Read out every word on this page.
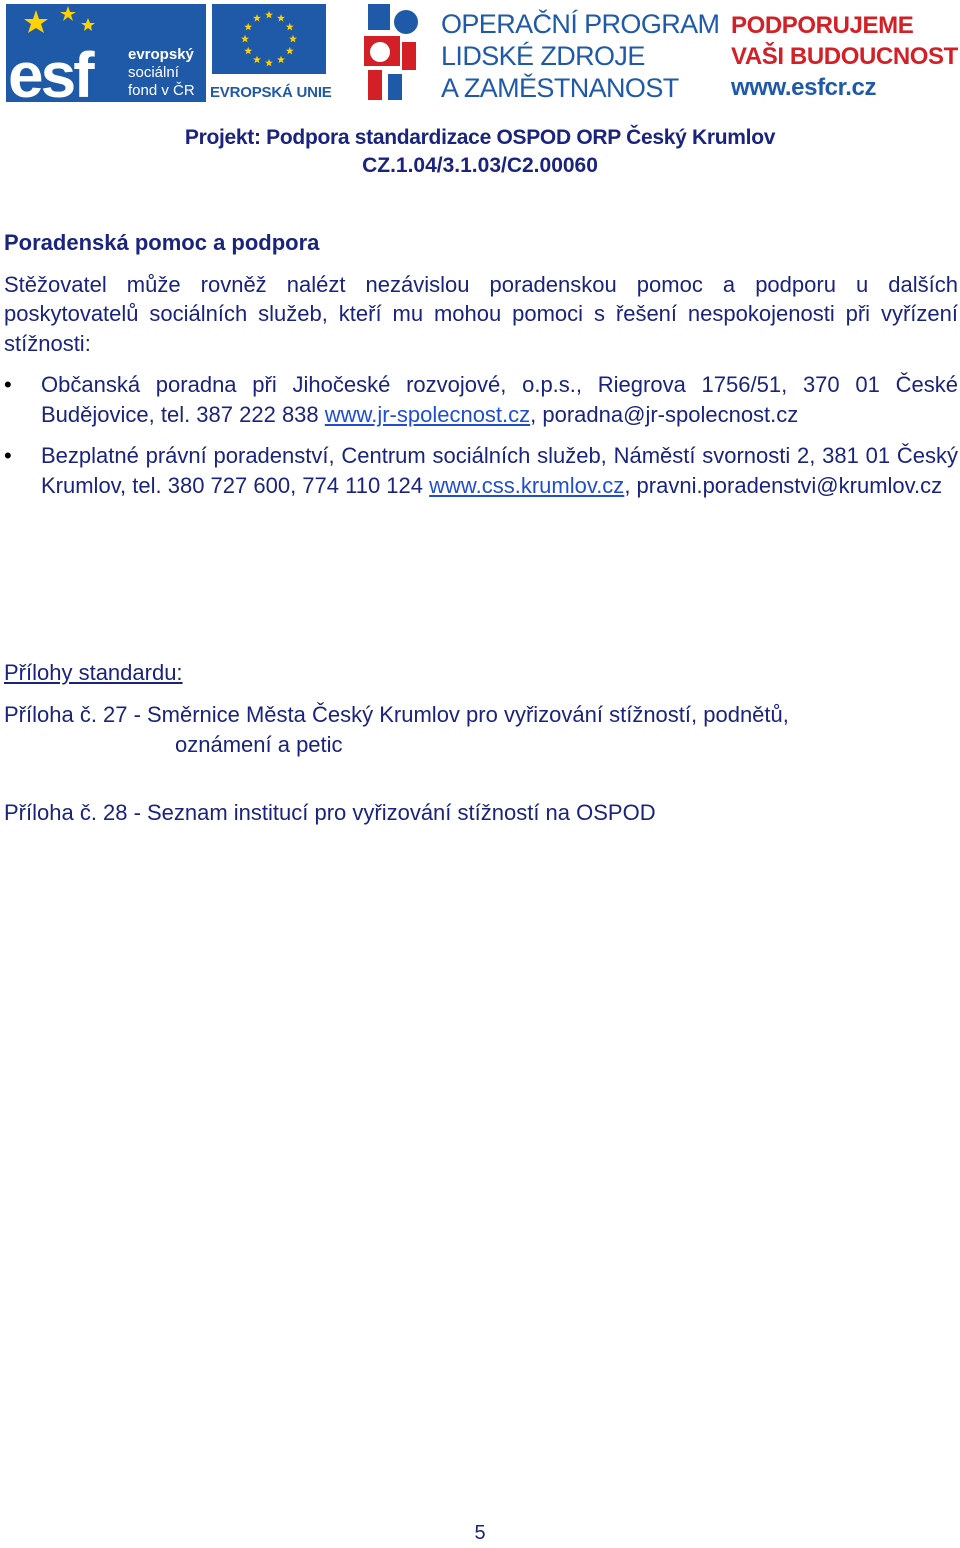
esf evropský
sociální
fond v ČR EVROPSKÁ UNIE
OPERAČNÍ PROGRAM
LIDSKÉ ZDROJE
A ZAMĚSTNANOST
PODPORUJEME
VAŠI BUDOUCNOST
www.esfcr.cz
Projekt: Podpora standardizace OSPOD ORP Český Krumlov
CZ.1.04/3.1.03/C2.00060
Poradenská pomoc a podpora
Stěžovatel může rovněž nalézt nezávislou poradenskou pomoc a podporu u dalších poskytovatelů sociálních služeb, kteří mu mohou pomoci s řešení nespokojenosti při vyřízení stížnosti:
• Občanská poradna při Jihočeské rozvojové, o.p.s., Riegrova 1756/51, 370 01 České Budějovice, tel. 387 222 838 www.jr-spolecnost.cz, poradna@jr-spolecnost.cz
• Bezplatné právní poradenství, Centrum sociálních služeb, Náměstí svornosti 2, 381 01 Český Krumlov, tel. 380 727 600, 774 110 124 www.css.krumlov.cz, pravni.poradenstvi@krumlov.cz
Přílohy standardu:
Příloha č. 27 - Směrnice Města Český Krumlov pro vyřizování stížností, podnětů,
oznámení a petic
Příloha č. 28 - Seznam institucí pro vyřizování stížností na OSPOD
5
